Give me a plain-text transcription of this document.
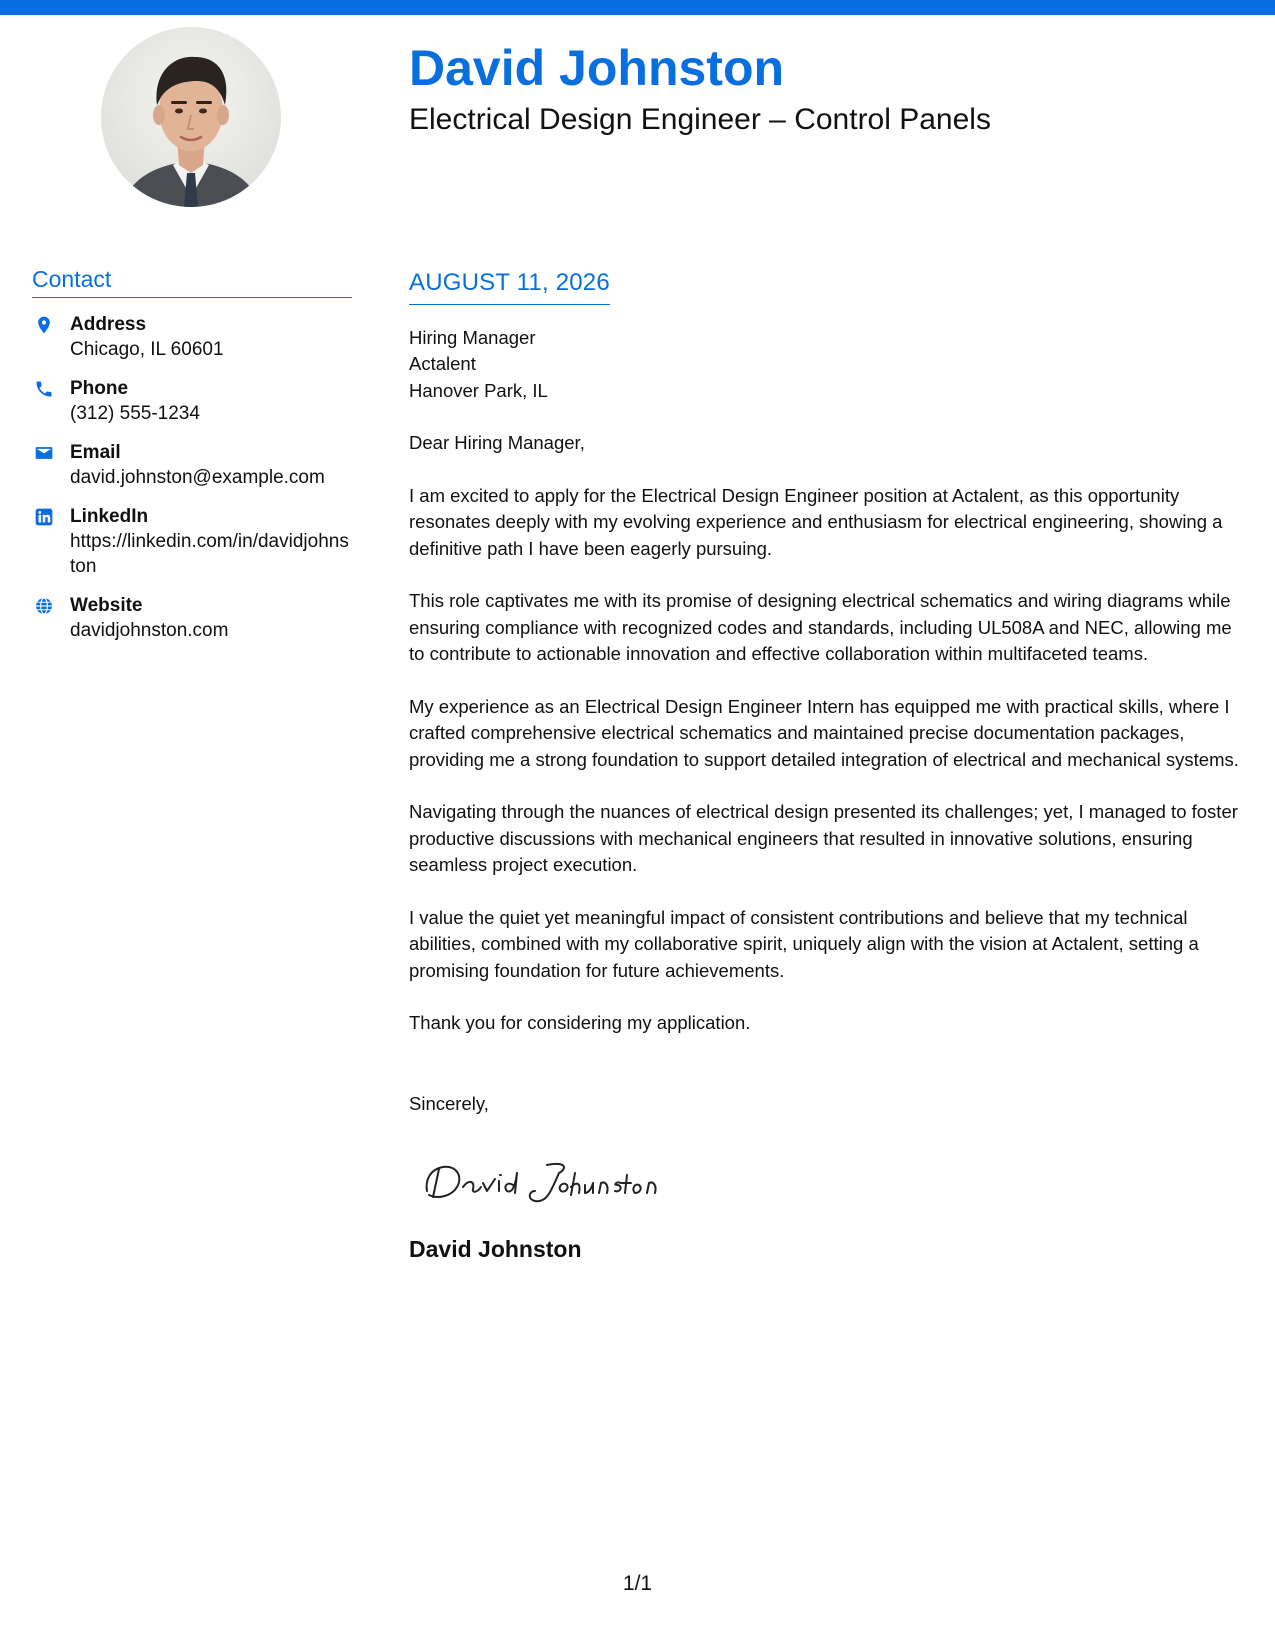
David Johnston
Electrical Design Engineer – Control Panels
Contact
Address
Chicago, IL 60601
Phone
(312) 555-1234
Email
david.johnston@example.com
LinkedIn
https://linkedin.com/in/davidjohnston
Website
davidjohnston.com
AUGUST 11, 2026
Hiring Manager
Actalent
Hanover Park, IL
Dear Hiring Manager,

I am excited to apply for the Electrical Design Engineer position at Actalent, as this opportunity resonates deeply with my evolving experience and enthusiasm for electrical engineering, showing a definitive path I have been eagerly pursuing.

This role captivates me with its promise of designing electrical schematics and wiring diagrams while ensuring compliance with recognized codes and standards, including UL508A and NEC, allowing me to contribute to actionable innovation and effective collaboration within multifaceted teams.

My experience as an Electrical Design Engineer Intern has equipped me with practical skills, where I crafted comprehensive electrical schematics and maintained precise documentation packages, providing me a strong foundation to support detailed integration of electrical and mechanical systems.

Navigating through the nuances of electrical design presented its challenges; yet, I managed to foster productive discussions with mechanical engineers that resulted in innovative solutions, ensuring seamless project execution.

I value the quiet yet meaningful impact of consistent contributions and believe that my technical abilities, combined with my collaborative spirit, uniquely align with the vision at Actalent, setting a promising foundation for future achievements.

Thank you for considering my application.

Sincerely,
David Johnston
1/1
